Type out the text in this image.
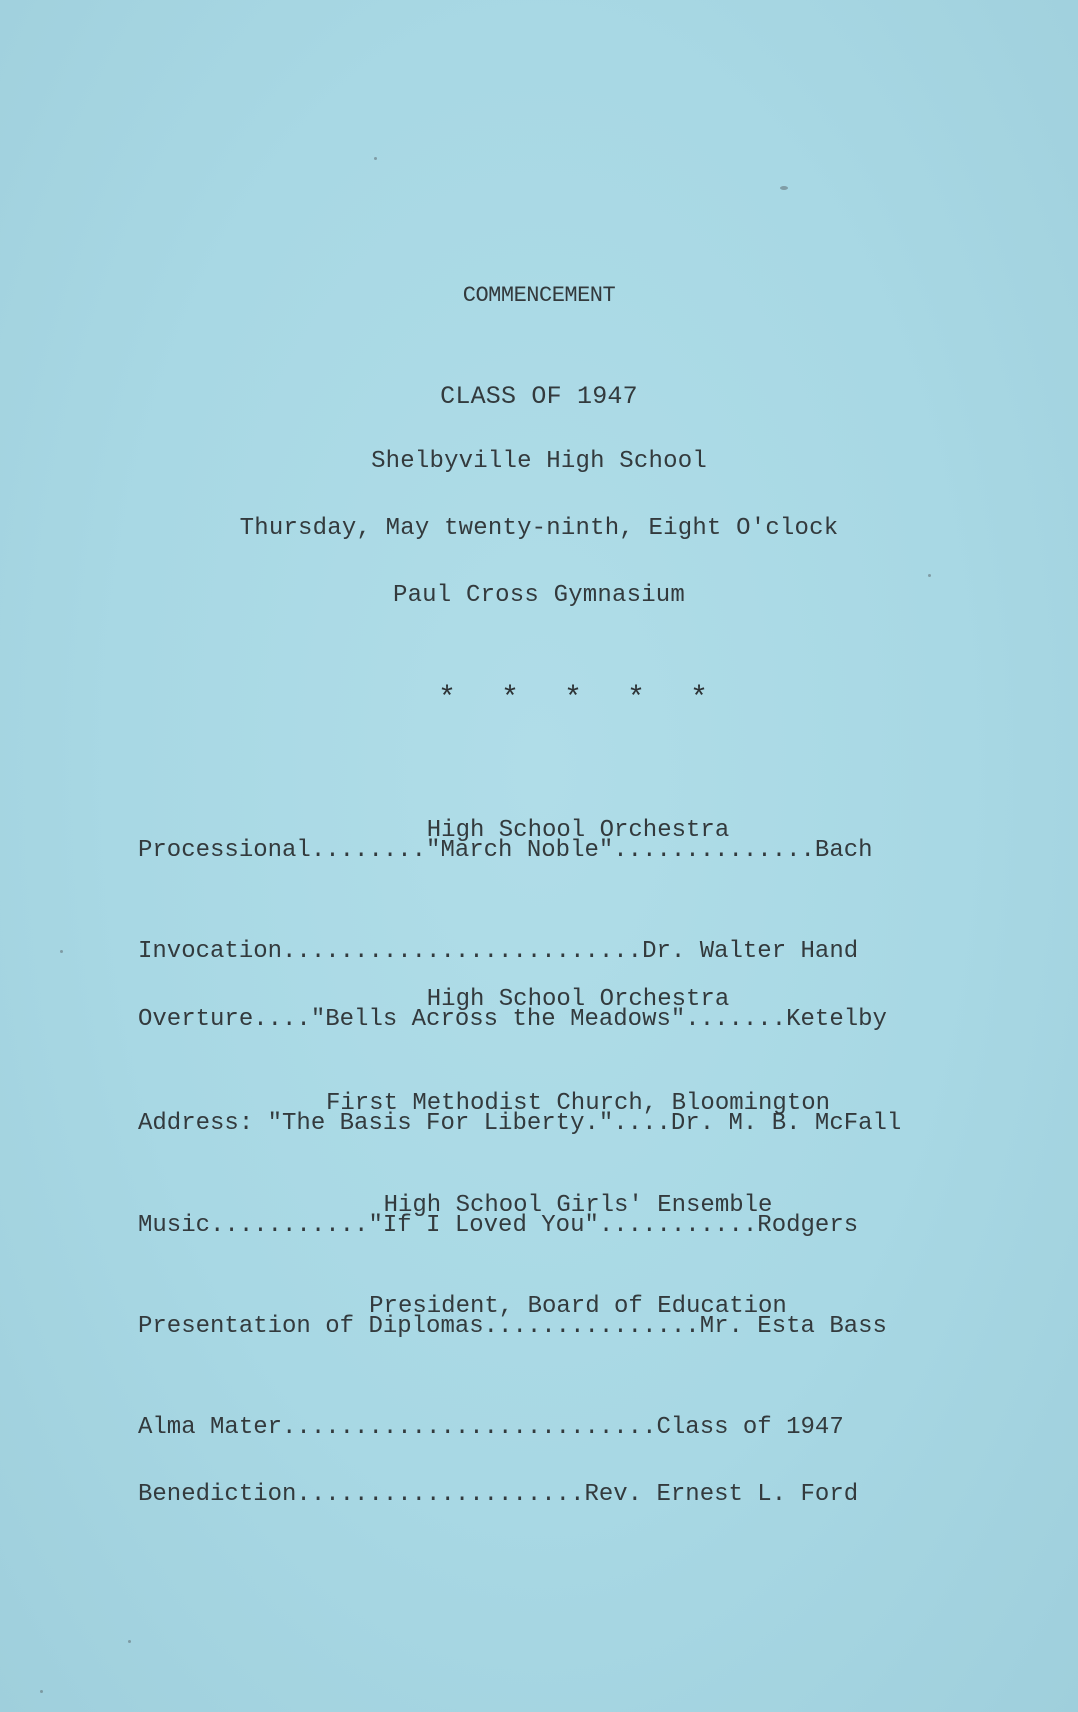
COMMENCEMENT
CLASS OF 1947
Shelbyville High School
Thursday, May twenty-ninth, Eight O'clock
Paul Cross Gymnasium
* * * * *

Processional........"March Noble"..............Bach

High School Orchestra

Invocation.........................Dr. Walter Hand

Overture...."Bells Across the Meadows".......Ketelby

High School Orchestra

Address: "The Basis For Liberty."....Dr. M. B. McFall

First Methodist Church, Bloomington

Music..........."If I Loved You"...........Rodgers

High School Girls' Ensemble

Presentation of Diplomas...............Mr. Esta Bass

President, Board of Education

Alma Mater..........................Class of 1947

Benediction....................Rev. Ernest L. Ford
